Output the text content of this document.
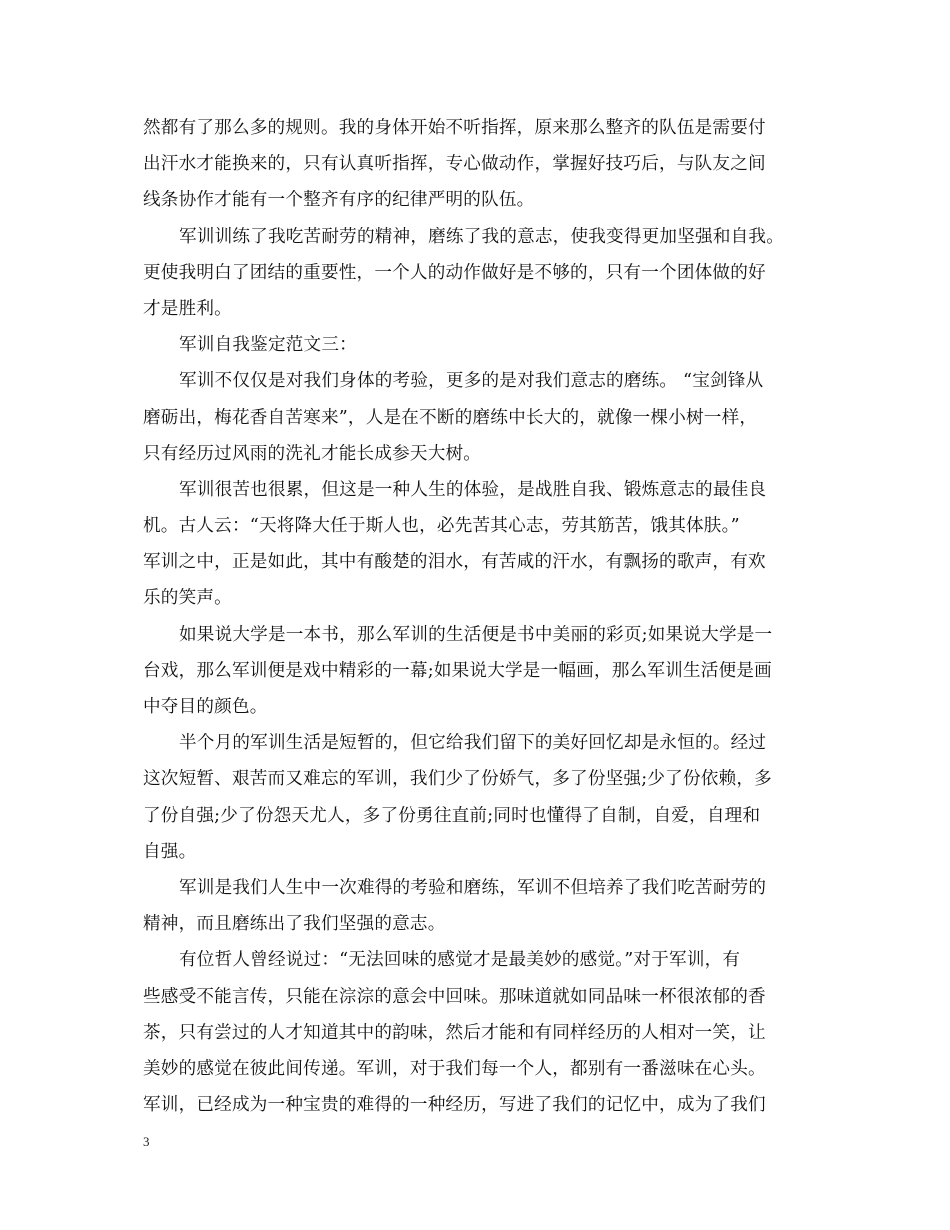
然都有了那么多的规则。我的身体开始不听指挥，原来那么整齐的队伍是需要付
出汗水才能换来的，只有认真听指挥，专心做动作，掌握好技巧后，与队友之间
线条协作才能有一个整齐有序的纪律严明的队伍。
军训训练了我吃苦耐劳的精神，磨练了我的意志，使我变得更加坚强和自我。
更使我明白了团结的重要性，一个人的动作做好是不够的，只有一个团体做的好
才是胜利。
军训自我鉴定范文三：
军训不仅仅是对我们身体的考验，更多的是对我们意志的磨练。 “宝剑锋从
磨砺出，梅花香自苦寒来”，人是在不断的磨练中长大的，就像一棵小树一样，
只有经历过风雨的洗礼才能长成参天大树。
军训很苦也很累，但这是一种人生的体验，是战胜自我、锻炼意志的最佳良
机。古人云：“天将降大任于斯人也，必先苦其心志，劳其筋苦，饿其体肤。”
军训之中，正是如此，其中有酸楚的泪水，有苦咸的汗水，有飘扬的歌声，有欢
乐的笑声。
如果说大学是一本书，那么军训的生活便是书中美丽的彩页;如果说大学是一
台戏，那么军训便是戏中精彩的一幕;如果说大学是一幅画，那么军训生活便是画
中夺目的颜色。
半个月的军训生活是短暂的，但它给我们留下的美好回忆却是永恒的。经过
这次短暂、艰苦而又难忘的军训，我们少了份娇气，多了份坚强;少了份依赖，多
了份自强;少了份怨天尤人，多了份勇往直前;同时也懂得了自制，自爱，自理和
自强。
军训是我们人生中一次难得的考验和磨练，军训不但培养了我们吃苦耐劳的
精神，而且磨练出了我们坚强的意志。
有位哲人曾经说过：“无法回味的感觉才是最美妙的感觉。”对于军训，有
些感受不能言传，只能在淙淙的意会中回味。那味道就如同品味一杯很浓郁的香
茶，只有尝过的人才知道其中的韵味，然后才能和有同样经历的人相对一笑，让
美妙的感觉在彼此间传递。军训，对于我们每一个人，都别有一番滋味在心头。
军训，已经成为一种宝贵的难得的一种经历，写进了我们的记忆中，成为了我们
3
